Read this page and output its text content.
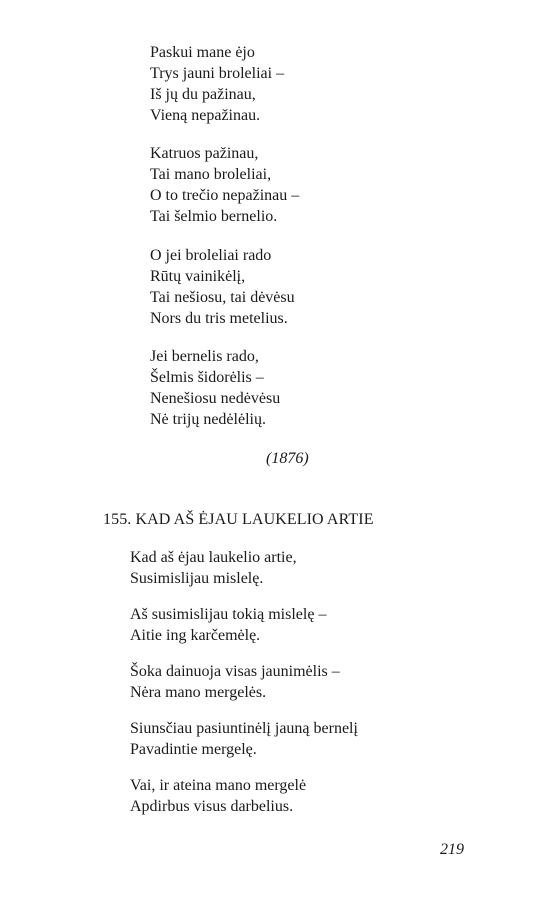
Paskui mane ėjo
Trys jauni broleliai –
Iš jų du pažinau,
Vieną nepažinau.
Katruos pažinau,
Tai mano broleliai,
O to trečio nepažinau –
Tai šelmio bernelio.
O jei broleliai rado
Rūtų vainikėlį,
Tai nešiosu, tai dėvėsu
Nors du tris metelius.
Jei bernelis rado,
Šelmis šidorėlis –
Nenešiosu nedėvėsu
Nė trijų nedėlėlių.
(1876)
155. KAD AŠ ĖJAU LAUKELIO ARTIE
Kad aš ėjau laukelio artie,
Susimislijau mislelę.
Aš susimislijau tokią mislelę –
Aitie ing karčemėlę.
Šoka dainuoja visas jaunimėlis –
Nėra mano mergelės.
Siunsčiau pasiuntinėlį jauną bernelį
Pavadintie mergelę.
Vai, ir ateina mano mergelė
Apdirbus visus darbelius.
219
